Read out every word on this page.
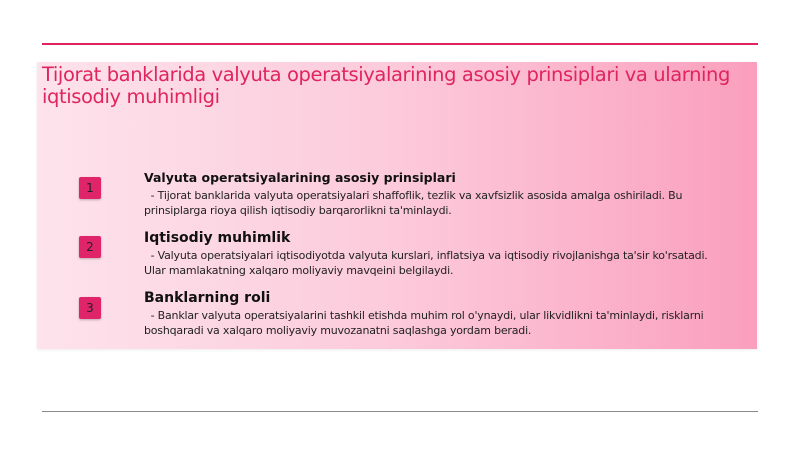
Tijorat banklarida valyuta operatsiyalarining asosiy prinsiplari va ularning
iqtisodiy muhimligi
1
Valyuta operatsiyalarining asosiy prinsiplari
- Tijorat banklarida valyuta operatsiyalari shaffoflik, tezlik va xavfsizlik asosida amalga oshiriladi. Bu
prinsiplarga rioya qilish iqtisodiy barqarorlikni ta'minlaydi.
2
Iqtisodiy muhimlik
- Valyuta operatsiyalari iqtisodiyotda valyuta kurslari, inflatsiya va iqtisodiy rivojlanishga ta'sir ko'rsatadi.
Ular mamlakatning xalqaro moliyaviy mavqeini belgilaydi.
3
Banklarning roli
- Banklar valyuta operatsiyalarini tashkil etishda muhim rol o'ynaydi, ular likvidlikni ta'minlaydi, risklarni
boshqaradi va xalqaro moliyaviy muvozanatni saqlashga yordam beradi.
